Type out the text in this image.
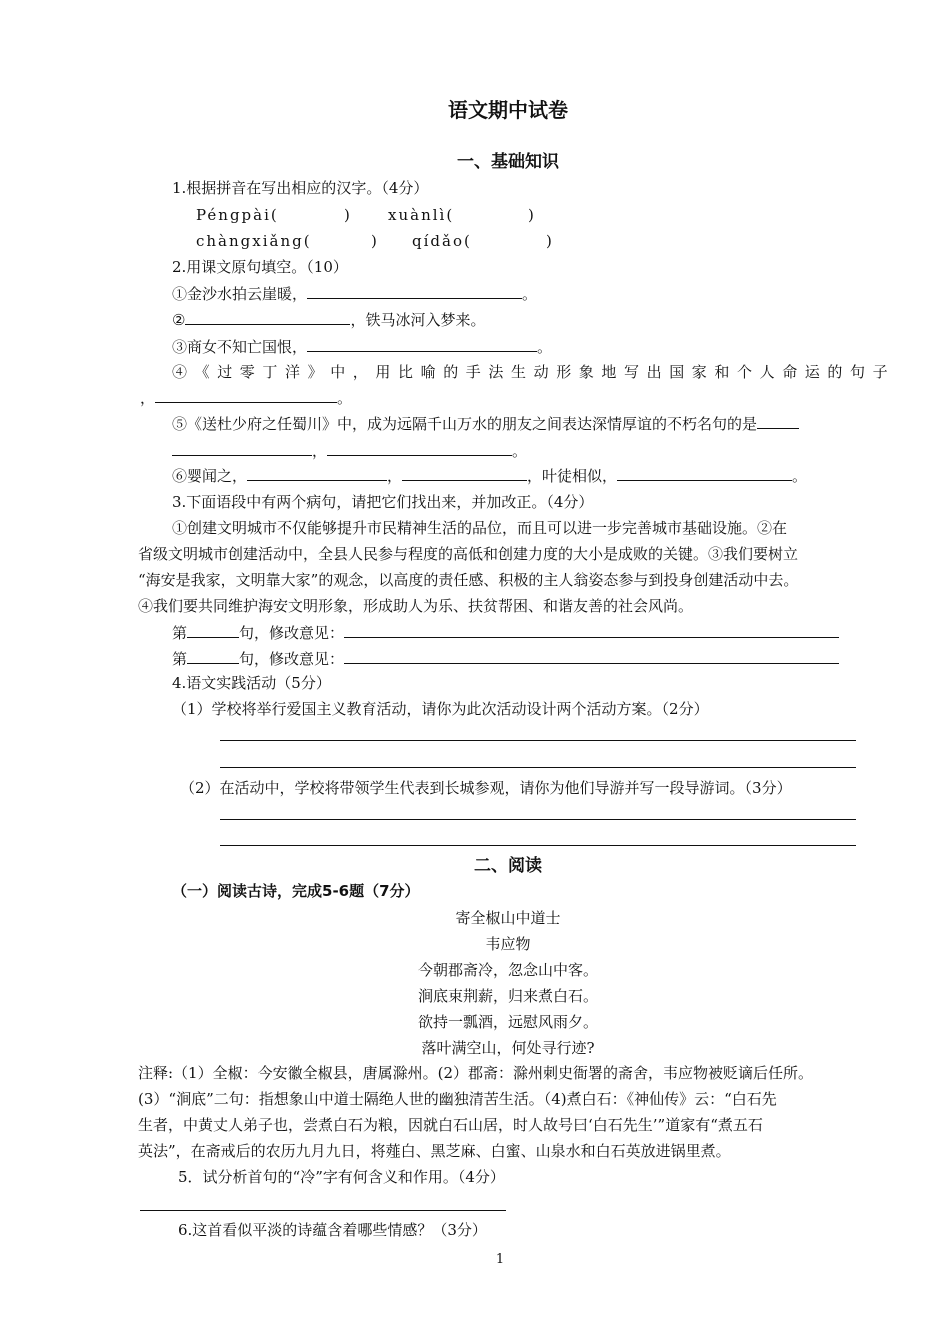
语文期中试卷
一、基础知识
1.根据拼音在写出相应的汉字。（4分）
Péngpài(	)	xuànlì(	)
chàngxiǎng(	) qídǎo(	)
2.用课文原句填空。（10）
①金沙水拍云崖暖，	。
②	，铁马冰河入梦来。
③商女不知亡国恨，	。
④《过零丁洋》中，用比喻的手法生动形象地写出国家和个人命运的句子
，	。
⑤《送杜少府之任蜀川》中，成为远隔千山万水的朋友之间表达深情厚谊的不朽名句的是
，	。
⑥婴闻之，	，	，叶徒相似，	。
3.下面语段中有两个病句，请把它们找出来，并加改正。（4分）
①创建文明城市不仅能够提升市民精神生活的品位，而且可以进一步完善城市基础设施。②在
省级文明城市创建活动中，全县人民参与程度的高低和创建力度的大小是成败的关键。③我们要树立
“海安是我家，文明靠大家”的观念，以高度的责任感、积极的主人翁姿态参与到投身创建活动中去。
④我们要共同维护海安文明形象，形成助人为乐、扶贫帮困、和谐友善的社会风尚。
第	句，修改意见：
第	句，修改意见：
4.语文实践活动（5分）
（1）学校将举行爱国主义教育活动，请你为此次活动设计两个活动方案。（2分）
（2）在活动中，学校将带领学生代表到长城参观，请你为他们导游并写一段导游词。（3分）
二、阅读
（一）阅读古诗，完成5-6题（7分）
寄全椒山中道士
韦应物
今朝郡斋冷，忽念山中客。
涧底束荆薪，归来煮白石。
欲持一瓢酒，远慰风雨夕。
落叶满空山，何处寻行迹?
注释:（1）全椒：今安徽全椒县，唐属滁州。(2）郡斋：滁州刺史衙署的斋舍，韦应物被贬谪后任所。
(3）“涧底”二句：指想象山中道士隔绝人世的幽独清苦生活。（4)煮白石：《神仙传》云：“白石先
生者，中黄丈人弟子也，尝煮白石为粮，因就白石山居，时人故号曰‘白石先生’”道家有“煮五石
英法”，在斋戒后的农历九月九日，将薤白、黑芝麻、白蜜、山泉水和白石英放进锅里煮。
5．试分析首句的“冷”字有何含义和作用。（4分）
6.这首看似平淡的诗蕴含着哪些情感？（3分）
1
